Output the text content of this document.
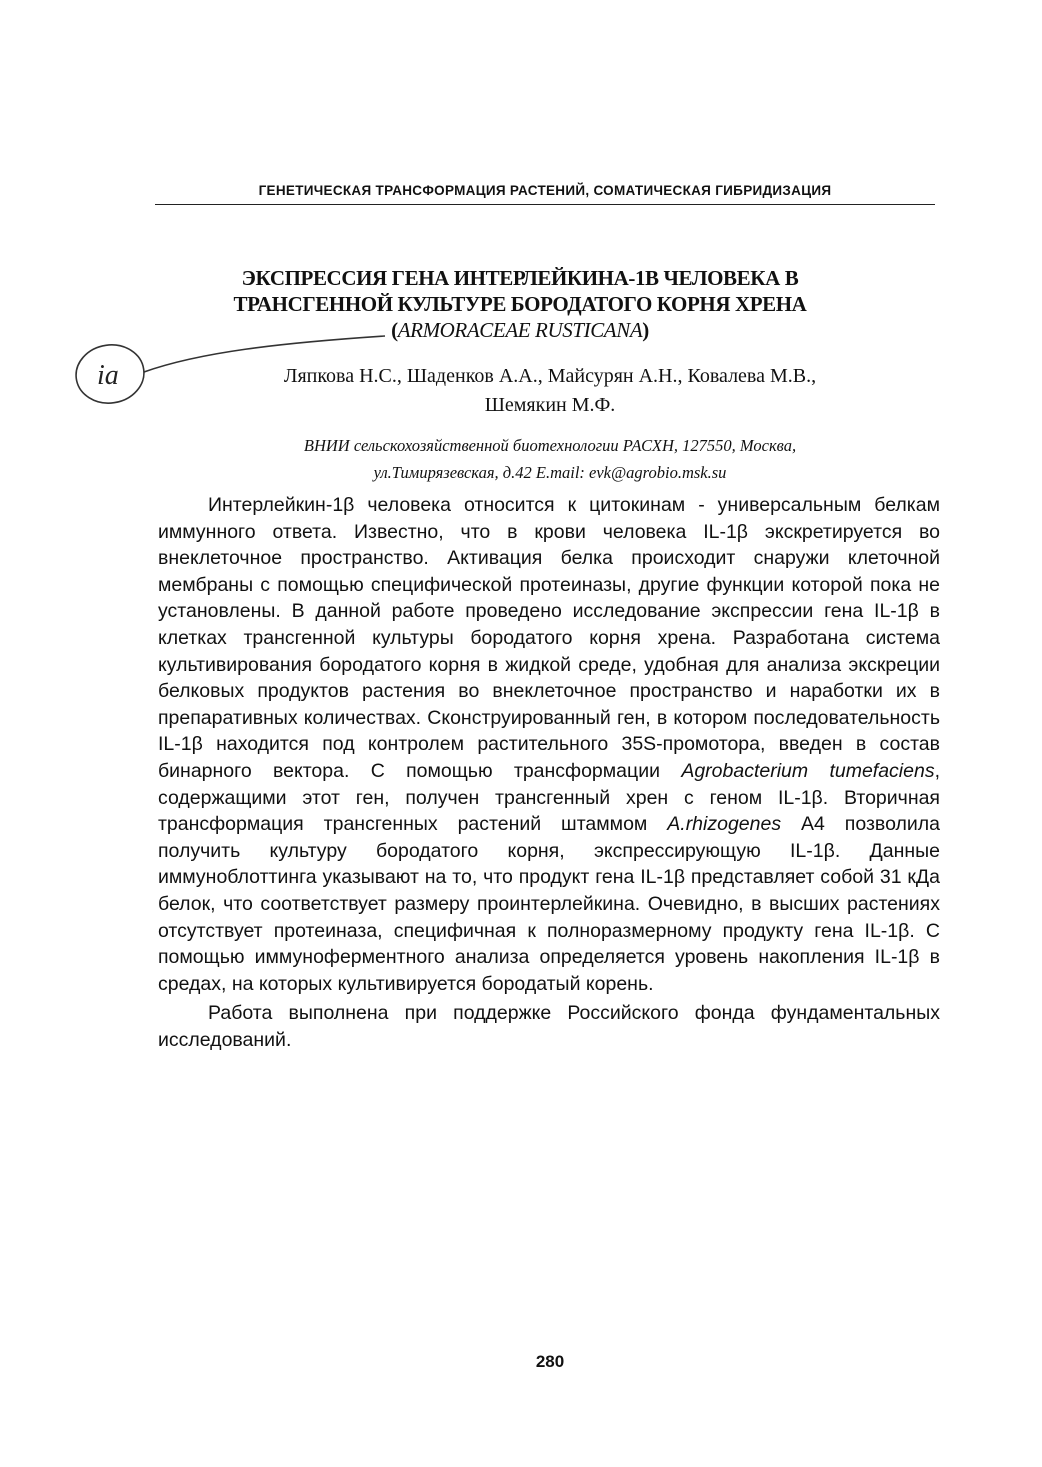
ГЕНЕТИЧЕСКАЯ ТРАНСФОРМАЦИЯ РАСТЕНИЙ, СОМАТИЧЕСКАЯ ГИБРИДИЗАЦИЯ
ЭКСПРЕССИЯ ГЕНА ИНТЕРЛЕЙКИНА-1В ЧЕЛОВЕКА В
ТРАНСГЕННОЙ КУЛЬТУРЕ БОРОДАТОГО КОРНЯ ХРЕНА
(ARMORACEAE RUSTICANA)
ia	Ляпкова Н.С., Шаденков А.А., Майсурян А.Н., Ковалева М.В.,
Шемякин М.Ф.
ВНИИ сельскохозяйственной биотехнологии РАСХН, 127550, Москва,
ул.Тимирязевская, д.42 E.mail: evk@agrobio.msk.su

Интерлейкин-1β человека относится к цитокинам - универсальным белкам иммунного ответа. Известно, что в крови человека IL-1β экскретируется во внеклеточное пространство. Активация белка происходит снаружи клеточной мембраны с помощью специфической протеиназы, другие функции которой пока не установлены. В данной работе проведено исследование экспрессии гена IL-1β в клетках трансгенной культуры бородатого корня хрена. Разработана система культивирования бородатого корня в жидкой среде, удобная для анализа экскреции белковых продуктов растения во внеклеточное пространство и наработки их в препаративных количествах. Сконструированный ген, в котором последовательность IL-1β находится под контролем растительного 35S-промотора, введен в состав бинарного вектора. С помощью трансформации Agrobacterium tumefaciens, содержащими этот ген, получен трансгенный хрен с геном IL-1β. Вторичная трансформация трансгенных растений штаммом A.rhizogenes А4 позволила получить культуру бородатого корня, экспрессирующую IL-1β. Данные иммуноблоттинга указывают на то, что продукт гена IL-1β представляет собой 31 кДа белок, что соответствует размеру проинтерлейкина. Очевидно, в высших растениях отсутствует протеиназа, специфичная к полноразмерному продукту гена IL-1β. С помощью иммуноферментного анализа определяется уровень накопления IL-1β в средах, на которых культивируется бородатый корень.

Работа выполнена при поддержке Российского фонда фундаментальных исследований.

280
